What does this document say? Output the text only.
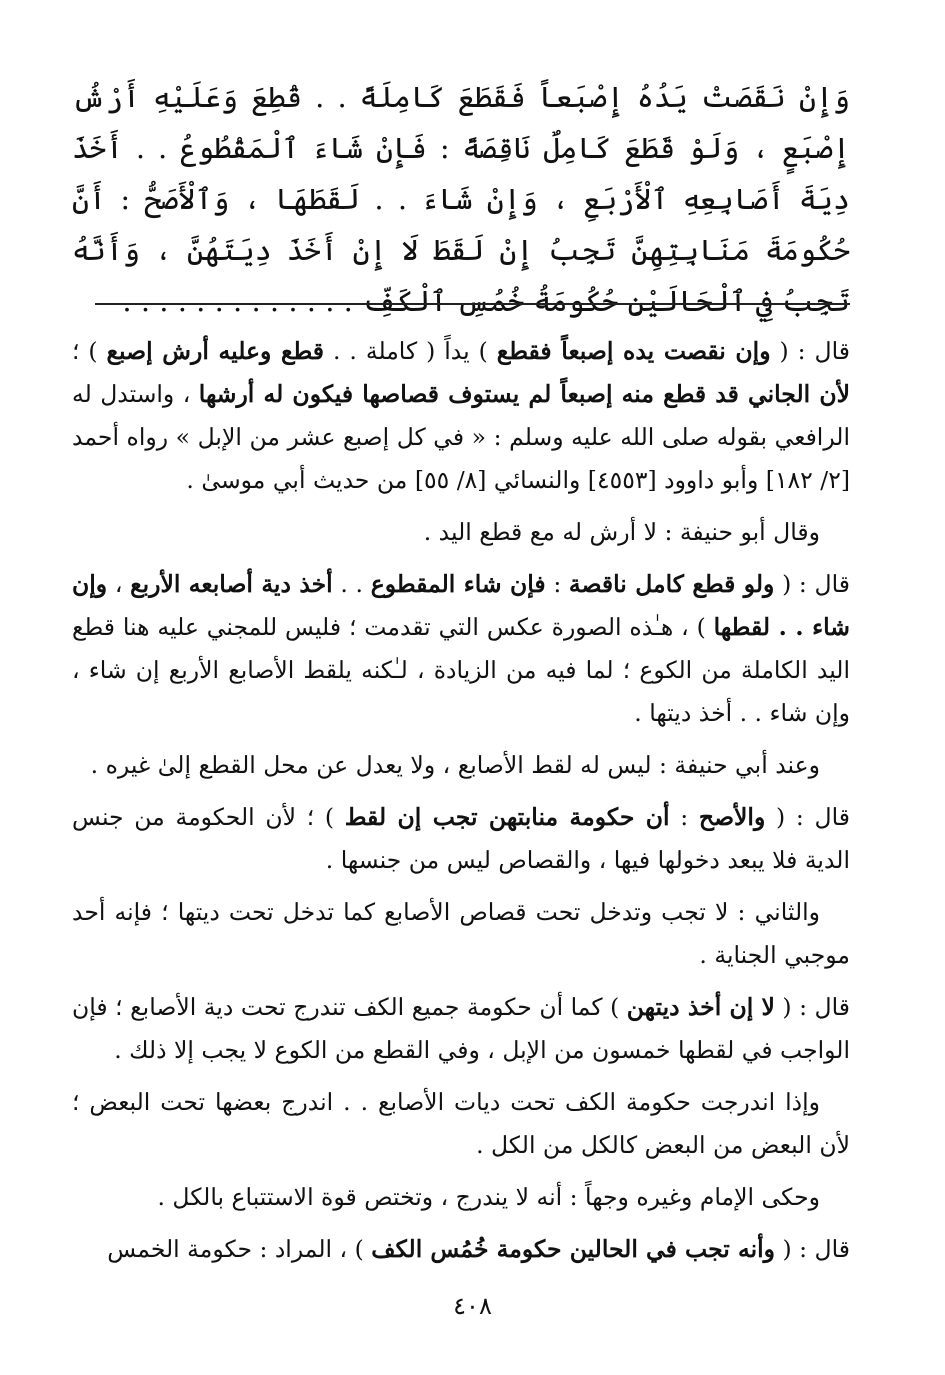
وَإِنْ نَقَصَتْ يَدُهُ إِصْبَعاً فَقَطَعَ كَامِلَةً . . قُطِعَ وَعَلَيْهِ أَرْشُ إِصْبَعٍ ، وَلَوْ قَطَعَ كَامِلٌ نَاقِصَةً : فَإِنْ شَاءَ ٱلْمَقْطُوعُ . . أَخَذَ دِيَةَ أَصَابِعِهِ ٱلْأَرْبَعِ ، وَإِنْ شَاءَ . . لَقَطَهَا ، وَٱلْأَصَحُّ : أَنَّ حُكُومَةَ مَنَابِتِهِنَّ تَجِبُ إِنْ لَقَطَ لَا إِنْ أَخَذَ دِيَتَهُنَّ ، وَأَنَّهُ تَجِبُ فِي ٱلْحَالَيْنِ حُكُومَةُ خُمُسِ ٱلْكَفِّ . . . . . . . . . . . . .

قال : ( وإن نقصت يده إصبعاً فقطع ) يداً ( كاملة . . قطع وعليه أرش إصبع ) ؛ لأن الجاني قد قطع منه إصبعاً لم يستوف قصاصها فيكون له أرشها ، واستدل له الرافعي بقوله صلى الله عليه وسلم : « في كل إصبع عشر من الإبل » رواه أحمد [٢/ ١٨٢] وأبو داوود [٤٥٥٣] والنسائي [٨/ ٥٥] من حديث أبي موسىٰ .

وقال أبو حنيفة : لا أرش له مع قطع اليد .

قال : ( ولو قطع كامل ناقصة : فإن شاء المقطوع . . أخذ دية أصابعه الأربع ، وإن شاء . . لقطها ) ، هـٰذه الصورة عكس التي تقدمت ؛ فليس للمجني عليه هنا قطع اليد الكاملة من الكوع ؛ لما فيه من الزيادة ، لـٰكنه يلقط الأصابع الأربع إن شاء ، وإن شاء . . أخذ ديتها .

وعند أبي حنيفة : ليس له لقط الأصابع ، ولا يعدل عن محل القطع إلىٰ غيره .

قال : ( والأصح : أن حكومة منابتهن تجب إن لقط ) ؛ لأن الحكومة من جنس الدية فلا يبعد دخولها فيها ، والقصاص ليس من جنسها .

والثاني : لا تجب وتدخل تحت قصاص الأصابع كما تدخل تحت ديتها ؛ فإنه أحد موجبي الجناية .

قال : ( لا إن أخذ ديتهن ) كما أن حكومة جميع الكف تندرج تحت دية الأصابع ؛ فإن الواجب في لقطها خمسون من الإبل ، وفي القطع من الكوع لا يجب إلا ذلك .

وإذا اندرجت حكومة الكف تحت ديات الأصابع . . اندرج بعضها تحت البعض ؛ لأن البعض من البعض كالكل من الكل .

وحكى الإمام وغيره وجهاً : أنه لا يندرج ، وتختص قوة الاستتباع بالكل .

قال : ( وأنه تجب في الحالين حكومة خُمُس الكف ) ، المراد : حكومة الخمس

٤٠٨
